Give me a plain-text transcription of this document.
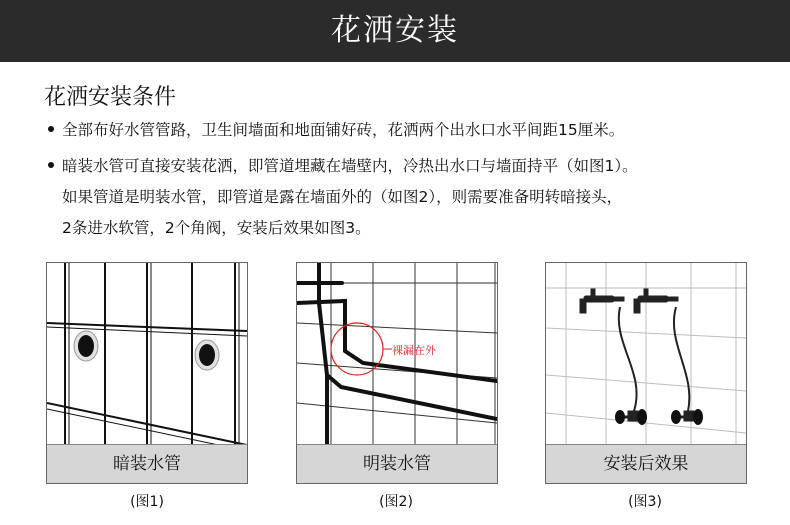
花洒安装
花洒安装条件
全部布好水管管路，卫生间墙面和地面铺好砖，花洒两个出水口水平间距15厘米。
暗装水管可直接安装花洒，即管道埋藏在墙壁内，冷热出水口与墙面持平（如图1）。
如果管道是明装水管，即管道是露在墙面外的（如图2），则需要准备明转暗接头，
2条进水软管，2个角阀，安装后效果如图3。
暗装水管
(图1)
明装水管
裸漏在外
(图2)
安装后效果
(图3)
